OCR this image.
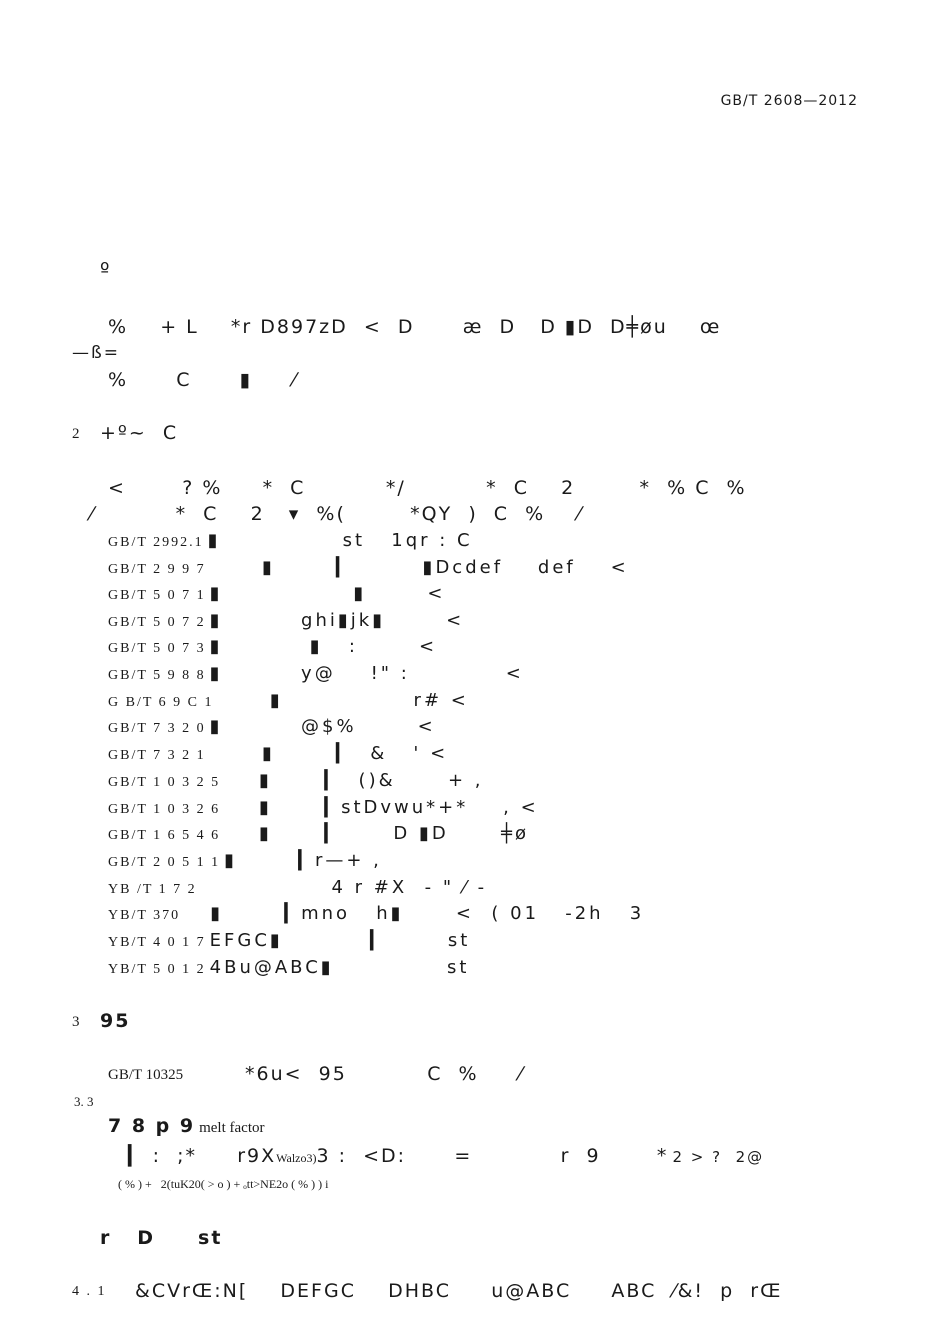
GB/T 2608—2012
º
%    + L    *r D897zD  <  D      æ  D   D ▮D  D╪øu    œ
—ß=
%      C      ▮     ⁄
2 +º~  C
<       ? %     *  C          */          *  C    2        *  % C  %
⁄          *  C    2   ▾  %(        *QY  )  C  %    ⁄
GB/T 2992.1 ▮              st   1qr : C
GB/T 2 9 9 7       ▮       ▎        ▮Dcdef    def    <
GB/T 5 0 7 1 ▮               ▮       <
GB/T 5 0 7 2 ▮         ghi▮jk▮       <
GB/T 5 0 7 3 ▮          ▮   :       <
GB/T 5 9 8 8 ▮         y@    !" :           <
G B/T 6 9 C 1       ▮               r# <
GB/T 7 3 2 0 ▮         @$%       <
GB/T 7 3 2 1       ▮       ▎  &   ' <
GB/T 1 0 3 2 5     ▮      ▎  ()&      + ,
GB/T 1 0 3 2 6     ▮      ▎stDvwu*+*    , <
GB/T 1 6 5 4 6     ▮      ▎      D ▮D      ╪ø
GB/T 2 0 5 1 1 ▮       ▎r—+ ,
YB /T 1 7 2                4 r #X  - " ⁄ -
YB/T 370    ▮       ▎mno   h▮      <  ( 01   -2h   3
YB/T 4 0 1 7 EFGC▮          ▎       st
YB/T 5 0 1 2 4Bu@ABC▮             st
3 95
GB/T 10325	*6u<  95          C  %     ⁄
3. 3
7 8 p 9 melt factor
▎ :  ;*     r9XWalzo3)3 :  <D:      =           r  9       * 2 > ?  2@
( % ) +   2(tuK20( > o ) + ₒtt>NE2o ( % ) ) i
r   D     st
4 . 1 &CVrŒ:N[    DEFGC    DHBC     u@ABC     ABC  ⁄&!  p  rŒ
